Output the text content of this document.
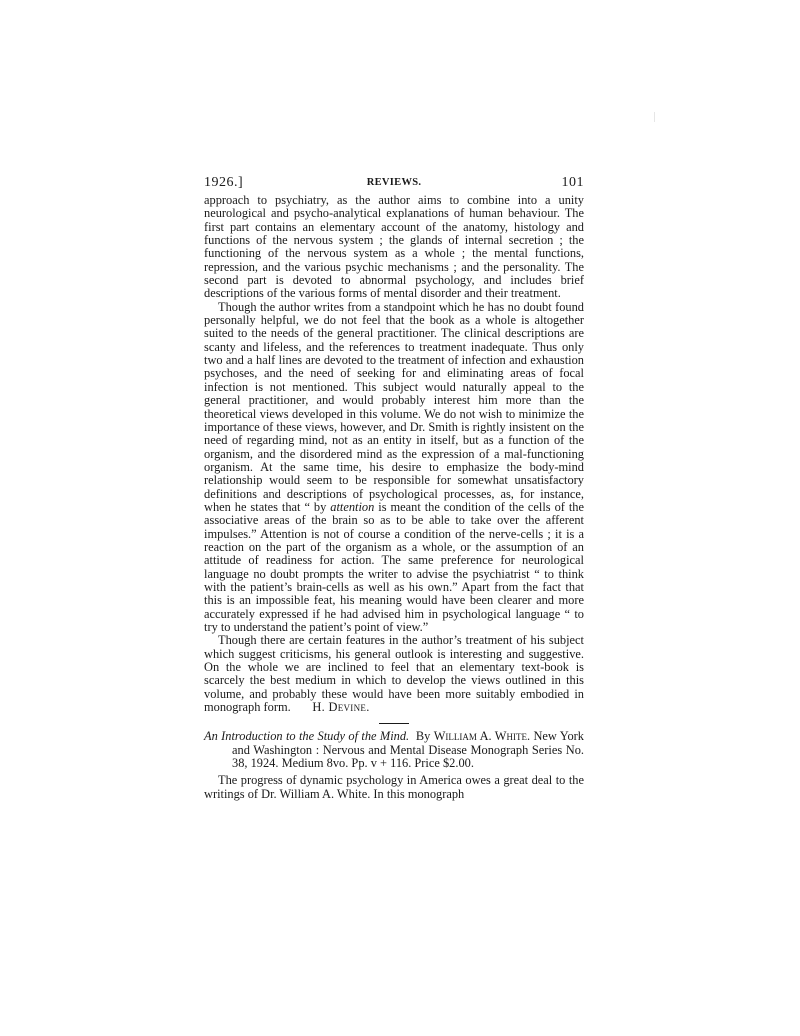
1926.]	REVIEWS.	101

approach to psychiatry, as the author aims to combine into a unity neurological and psycho-analytical explanations of human behaviour. The first part contains an elementary account of the anatomy, histology and functions of the nervous system ; the glands of internal secretion ; the functioning of the nervous system as a whole ; the mental functions, repression, and the various psychic mechanisms ; and the personality. The second part is devoted to abnormal psychology, and includes brief descriptions of the various forms of mental disorder and their treatment.

Though the author writes from a standpoint which he has no doubt found personally helpful, we do not feel that the book as a whole is altogether suited to the needs of the general practitioner. The clinical descriptions are scanty and lifeless, and the references to treatment inadequate. Thus only two and a half lines are devoted to the treatment of infection and exhaustion psychoses, and the need of seeking for and eliminating areas of focal infection is not mentioned. This subject would naturally appeal to the general practitioner, and would probably interest him more than the theoretical views developed in this volume. We do not wish to minimize the importance of these views, however, and Dr. Smith is rightly insistent on the need of regarding mind, not as an entity in itself, but as a function of the organism, and the disordered mind as the expression of a mal-functioning organism. At the same time, his desire to emphasize the body-mind relationship would seem to be responsible for somewhat unsatisfactory definitions and descriptions of psychological processes, as, for instance, when he states that “ by attention is meant the condition of the cells of the associative areas of the brain so as to be able to take over the afferent impulses.” Attention is not of course a condition of the nerve-cells ; it is a reaction on the part of the organism as a whole, or the assumption of an attitude of readiness for action. The same preference for neurological language no doubt prompts the writer to advise the psychiatrist “ to think with the patient’s brain-cells as well as his own.” Apart from the fact that this is an impossible feat, his meaning would have been clearer and more accurately expressed if he had advised him in psychological language “ to try to understand the patient’s point of view.”

Though there are certain features in the author’s treatment of his subject which suggest criticisms, his general outlook is interesting and suggestive. On the whole we are inclined to feel that an elementary text-book is scarcely the best medium in which to develop the views outlined in this volume, and probably these would have been more suitably embodied in monograph form. H. Devine.

An Introduction to the Study of the Mind. By William A. White. New York and Washington : Nervous and Mental Disease Monograph Series No. 38, 1924. Medium 8vo. Pp. v + 116. Price $2.00.

The progress of dynamic psychology in America owes a great deal to the writings of Dr. William A. White. In this monograph
